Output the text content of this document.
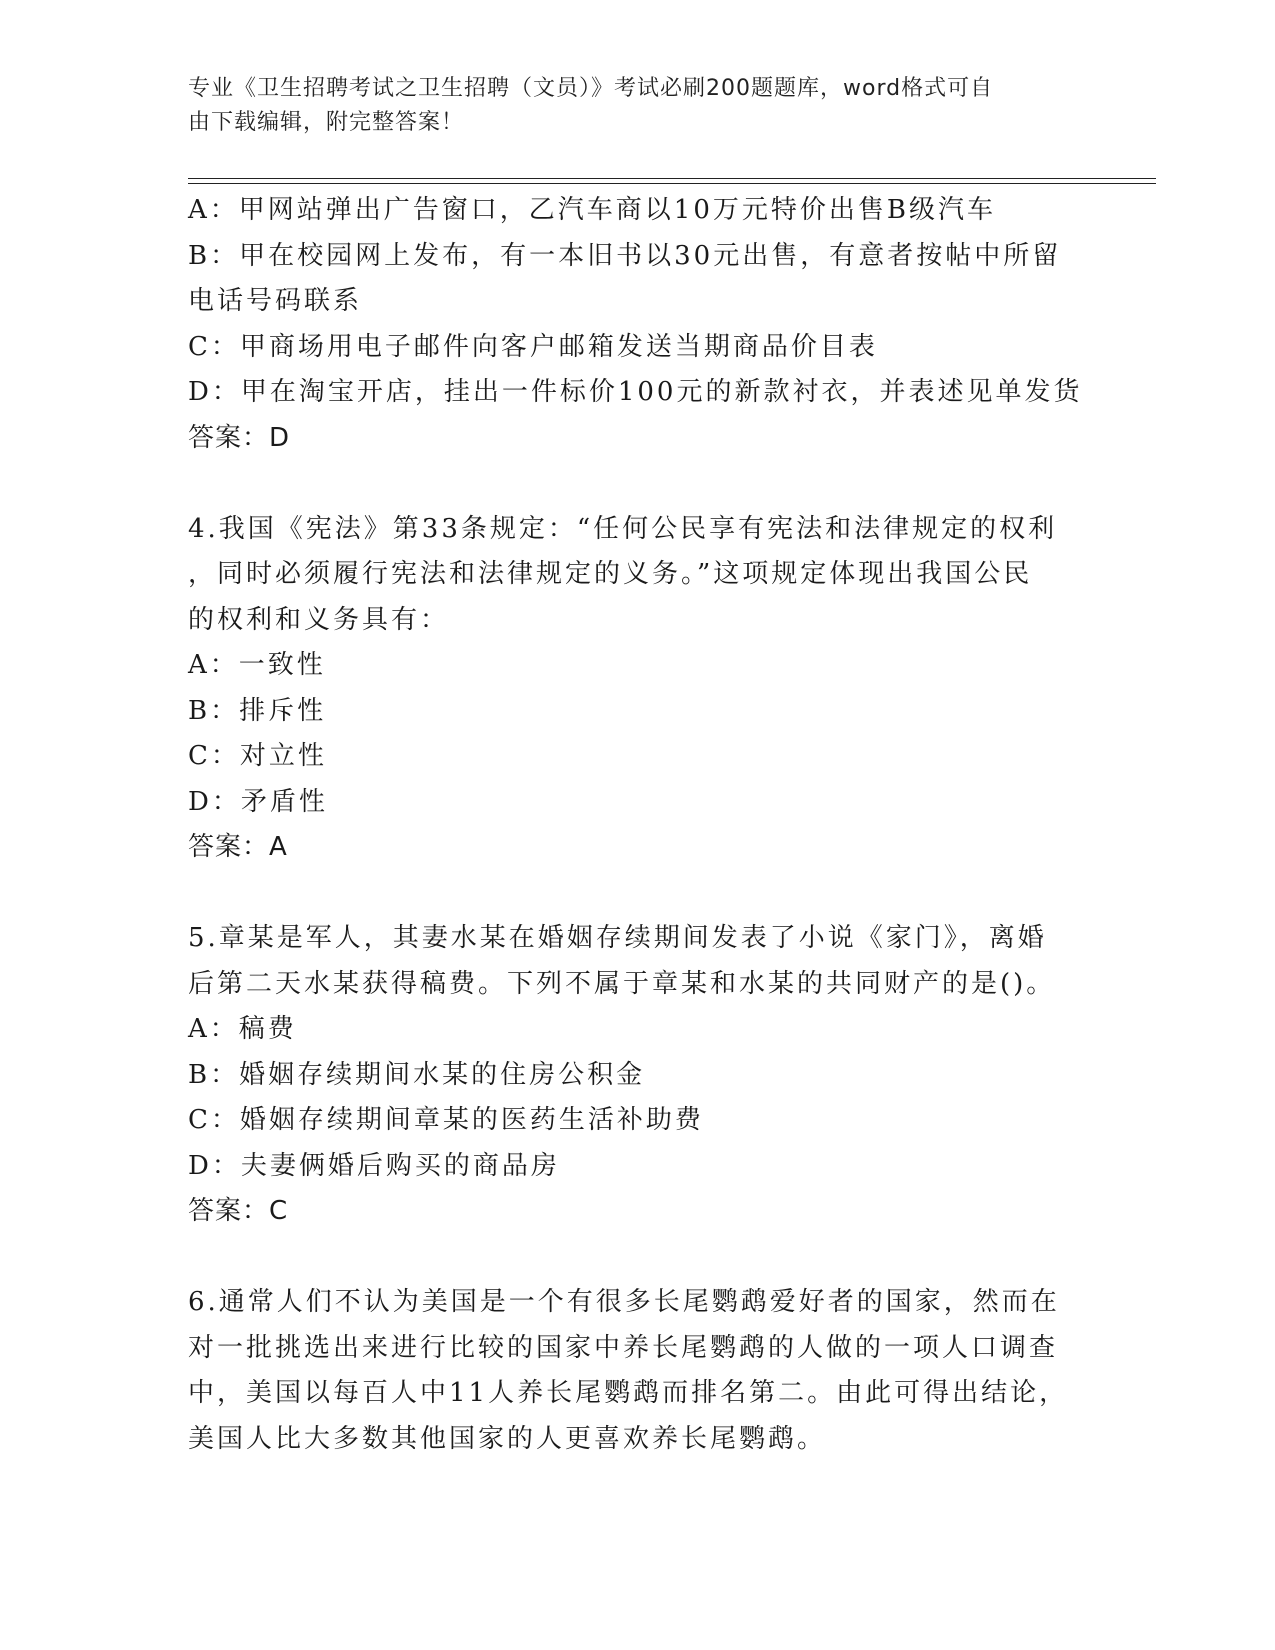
专业《卫生招聘考试之卫生招聘（文员）》考试必刷200题题库，word格式可自
由下载编辑，附完整答案！
A：甲网站弹出广告窗口，乙汽车商以10万元特价出售B级汽车
B：甲在校园网上发布，有一本旧书以30元出售，有意者按帖中所留
电话号码联系
C：甲商场用电子邮件向客户邮箱发送当期商品价目表
D：甲在淘宝开店，挂出一件标价100元的新款衬衣，并表述见单发货
答案：D
4.我国《宪法》第33条规定：“任何公民享有宪法和法律规定的权利
，同时必须履行宪法和法律规定的义务。”这项规定体现出我国公民
的权利和义务具有：
A：一致性
B：排斥性
C：对立性
D：矛盾性
答案：A
5.章某是军人，其妻水某在婚姻存续期间发表了小说《家门》，离婚
后第二天水某获得稿费。下列不属于章某和水某的共同财产的是()。
A：稿费
B：婚姻存续期间水某的住房公积金
C：婚姻存续期间章某的医药生活补助费
D：夫妻俩婚后购买的商品房
答案：C
6.通常人们不认为美国是一个有很多长尾鹦鹉爱好者的国家，然而在
对一批挑选出来进行比较的国家中养长尾鹦鹉的人做的一项人口调查
中，美国以每百人中11人养长尾鹦鹉而排名第二。由此可得出结论，
美国人比大多数其他国家的人更喜欢养长尾鹦鹉。
